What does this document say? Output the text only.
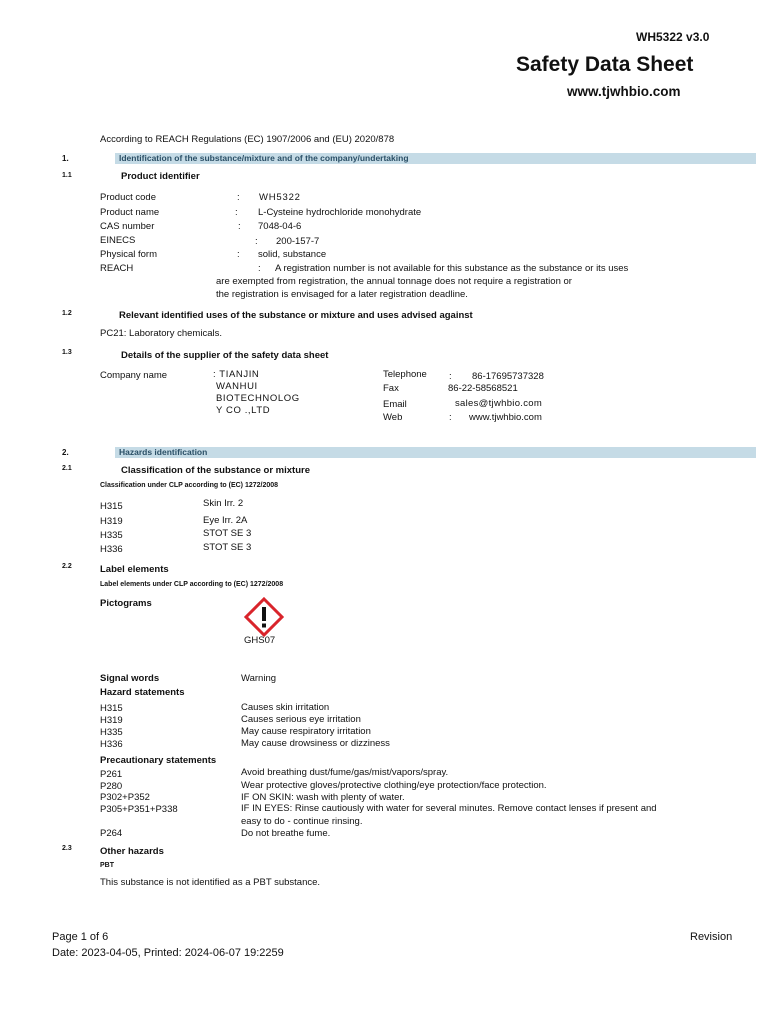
WH5322 v3.0
Safety Data Sheet
www.tjwhbio.com
According to REACH Regulations (EC) 1907/2006 and (EU) 2020/878
1.	Identification of the substance/mixture and of the company/undertaking
1.1	Product identifier
Product code	: WH5322
Product name	: L-Cysteine hydrochloride monohydrate
CAS number	: 7048-04-6
EINECS	: 200-157-7
Physical form	: solid, substance
REACH	: A registration number is not available for this substance as the substance or its uses
are exempted from registration, the annual tonnage does not require a registration or
the registration is envisaged for a later registration deadline.
1.2	Relevant identified uses of the substance or mixture and uses advised against
PC21: Laboratory chemicals.
1.3	Details of the supplier of the safety data sheet
Company name	: TIANJIN
WANHUI
BIOTECHNOLOG
Y CO .,LTD
Telephone : 86-17695737328
Fax	86-22-58568521
Email	sales@tjwhbio.com
Web	: www.tjwhbio.com
2.	Hazards identification
2.1	Classification of the substance or mixture
Classification under CLP according to (EC) 1272/2008
H315	Skin Irr. 2
H319	Eye Irr. 2A
H335	STOT SE 3
H336	STOT SE 3
2.2	Label elements
Label elements under CLP according to (EC) 1272/2008
Pictograms
GHS07
Signal words	Warning
Hazard statements
H315	Causes skin irritation
H319	Causes serious eye irritation
H335	May cause respiratory irritation
H336	May cause drowsiness or dizziness
Precautionary statements
P261	Avoid breathing dust/fume/gas/mist/vapors/spray.
P280	Wear protective gloves/protective clothing/eye protection/face protection.
P302+P352	IF ON SKIN: wash with plenty of water.
P305+P351+P338	IF IN EYES: Rinse cautiously with water for several minutes. Remove contact lenses if present and
easy to do - continue rinsing.
P264	Do not breathe fume.
2.3	Other hazards
PBT
This substance is not identified as a PBT substance.
Page 1 of 6
Date: 2023-04-05, Printed: 2024-06-07 19:2259
Revision
